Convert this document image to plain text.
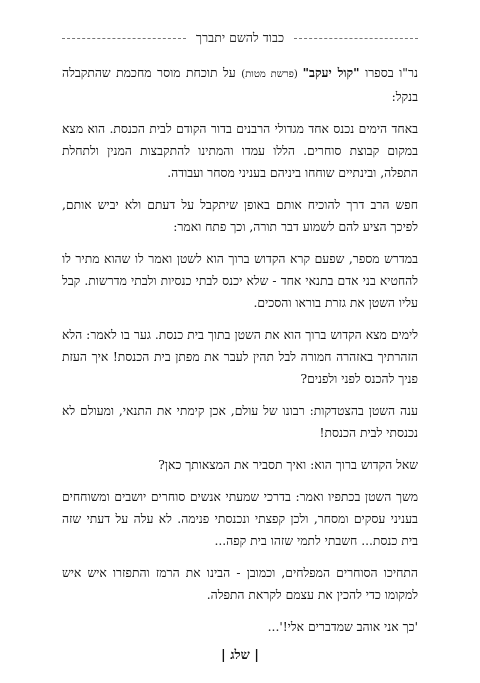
כבוד להשם יתברך

נר"ו בספרו "קול יעקב" (פרשת מטות) על תוכחת מוסר מחכמת שהתקבלה בנקל:

באחד הימים נכנס אחד מגדולי הרבנים בדור הקודם לבית הכנסת. הוא מצא במקום קבוצת סוחרים. הללו עמדו והמתינו להתקבצות המנין ולתחלת התפלה, ובינתיים שוחחו ביניהם בעניני מסחר ועבודה.

חפש הרב דרך להוכיח אותם באופן שיתקבל על דעתם ולא יביש אותם, לפיכך הציע להם לשמוע דבר תורה, וכך פתח ואמר:

במדרש מספר, שפעם קרא הקדוש ברוך הוא לשטן ואמר לו שהוא מתיר לו להחטיא בני אדם בתנאי אחד - שלא יכנס לבתי כנסיות ולבתי מדרשות. קבל עליו השטן את גזרת בוראו והסכים.

לימים מצא הקדוש ברוך הוא את השטן בתוך בית כנסת. גער בו לאמר: הלא הזהרתיך באזהרה חמורה לבל תהין לעבר את מפתן בית הכנסת! איך העזת פניך להכנס לפני ולפנים?

ענה השטן בהצטדקות: רבונו של עולם, אכן קימתי את התנאי, ומעולם לא נכנסתי לבית הכנסת!

שאל הקדוש ברוך הוא: ואיך תסביר את המצאותך כאן?

משך השטן בכתפיו ואמר: בדרכי שמעתי אנשים סוחרים יושבים ומשוחחים בעניני עסקים ומסחר, ולכן קפצתי ונכנסתי פנימה. לא עלה על דעתי שזה בית כנסת... חשבתי לתמי שזהו בית קפה...

התחיכו הסוחרים המפלחים, וכמובן - הבינו את הרמז והתפזרו איש איש למקומו כדי להכין את עצמם לקראת התפלה.

'כך אני אוהב שמדברים אלי!'...

| שלג |
